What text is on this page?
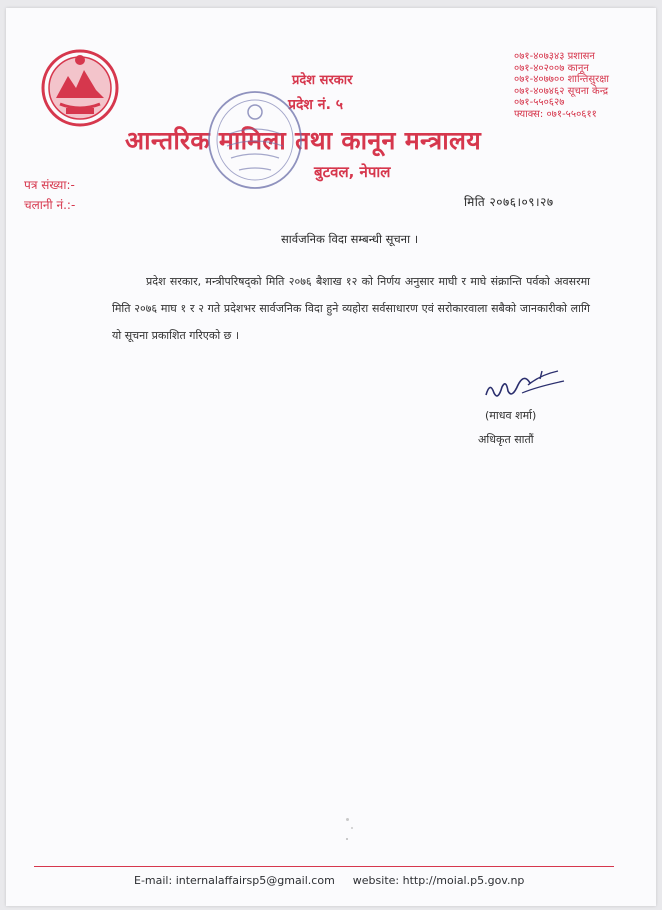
प्रदेश सरकार
प्रदेश नं. ५
आन्तरिक मामिला तथा कानून मन्त्रालय
बुटवल, नेपाल
०७१-४०७३४३ प्रशासन
०७१-४०२००७ कानून
०७१-४०७७०० शान्तिसुरक्षा
०७१-४०७४६२ सूचना केन्द्र
०७१-५५०६२७
फ्याक्स: ०७१-५५०६११
पत्र संख्या:-
चलानी नं.:-	मिति २०७६।०९।२७
सार्वजनिक विदा सम्बन्धी सूचना ।
प्रदेश सरकार, मन्त्रीपरिषद्को मिति २०७६ बैशाख १२ को निर्णय अनुसार माघी र माघे संक्रान्ति पर्वको अवसरमा मिति २०७६ माघ १ र २ गते प्रदेशभर सार्वजनिक विदा हुने व्यहोरा सर्वसाधारण एवं सरोकारवाला सबैको जानकारीको लागि यो सूचना प्रकाशित गरिएको छ ।
(माधव शर्मा)
अधिकृत सातौं
E-mail: internalaffairsp5@gmail.com website: http://moial.p5.gov.np
